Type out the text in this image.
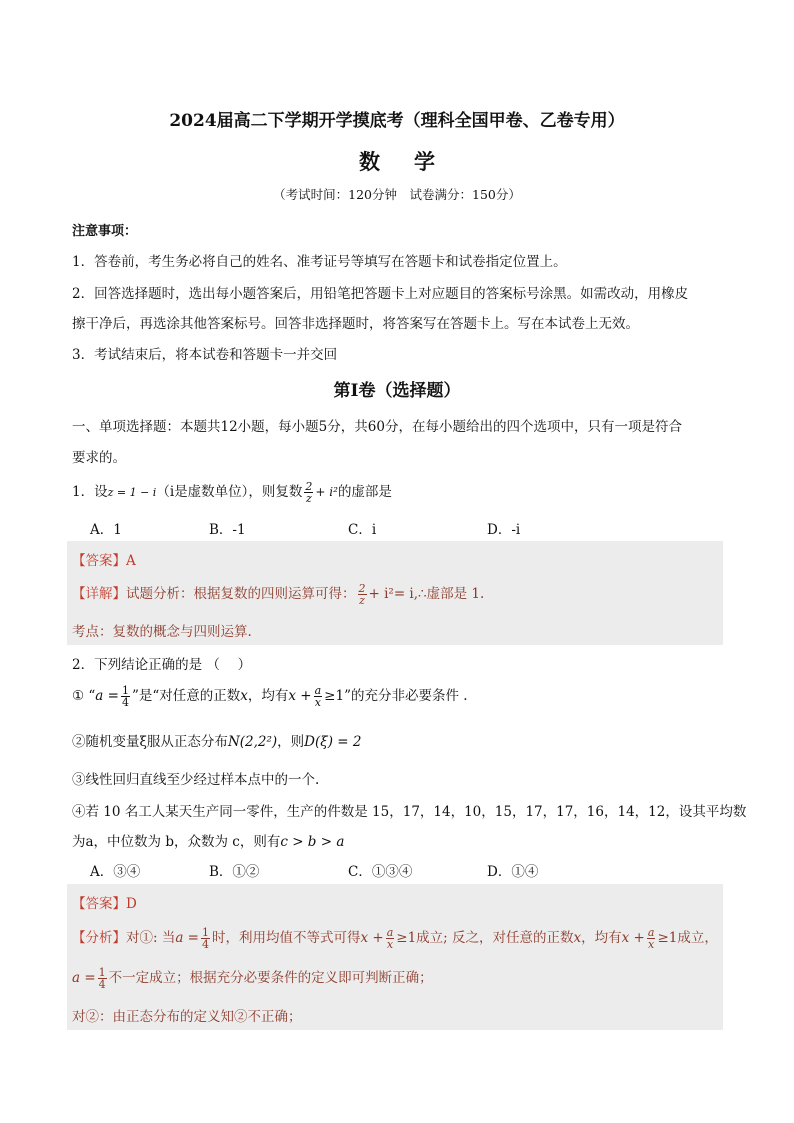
2024届高二下学期开学摸底考（理科全国甲卷、乙卷专用）
数学
（考试时间：120分钟　试卷满分：150分）
注意事项：
1．答卷前，考生务必将自己的姓名、准考证号等填写在答题卡和试卷指定位置上。
2．回答选择题时，选出每小题答案后，用铅笔把答题卡上对应题目的答案标号涂黑。如需改动，用橡皮
擦干净后，再选涂其他答案标号。回答非选择题时，将答案写在答题卡上。写在本试卷上无效。
3．考试结束后，将本试卷和答题卡一并交回
第I卷（选择题）
一、单项选择题：本题共12小题，每小题5分，共60分，在每小题给出的四个选项中，只有一项是符合
要求的。
1．设z = 1 − i（i是虚数单位），则复数 $\frac{2}{z} + i^2$的虚部是
A．1	B．-1	C．i	D．-i
【答案】A
【详解】试题分析：根据复数的四则运算可得： $\frac{2}{z} + i^2=$ i,∴虚部是 1.
考点：复数的概念与四则运算.
2．下列结论正确的是 （　 ）
① “$a = \frac{1}{4}$ ”是“对任意的正数x，均有$x + \frac{a}{x} \ge 1$”的充分非必要条件 .
②随机变量ξ服从正态分布N(2,2²)，则D(ξ) = 2
③线性回归直线至少经过样本点中的一个.
④若 10 名工人某天生产同一零件，生产的件数是 15，17，14，10，15，17，17，16，14，12，设其平均数
为a，中位数为 b，众数为 c，则有c > b > a
A．③④	B．①②	C．①③④	D．①④
【答案】D
【分析】对①: 当$a = \frac{1}{4}$ 时，利用均值不等式可得$x + \frac{a}{x} \ge 1$成立; 反之，对任意的正数x，均有$x + \frac{a}{x} \ge 1$成立，
$a = \frac{1}{4}$ 不一定成立；根据充分必要条件的定义即可判断正确；
对②：由正态分布的定义知②不正确；
